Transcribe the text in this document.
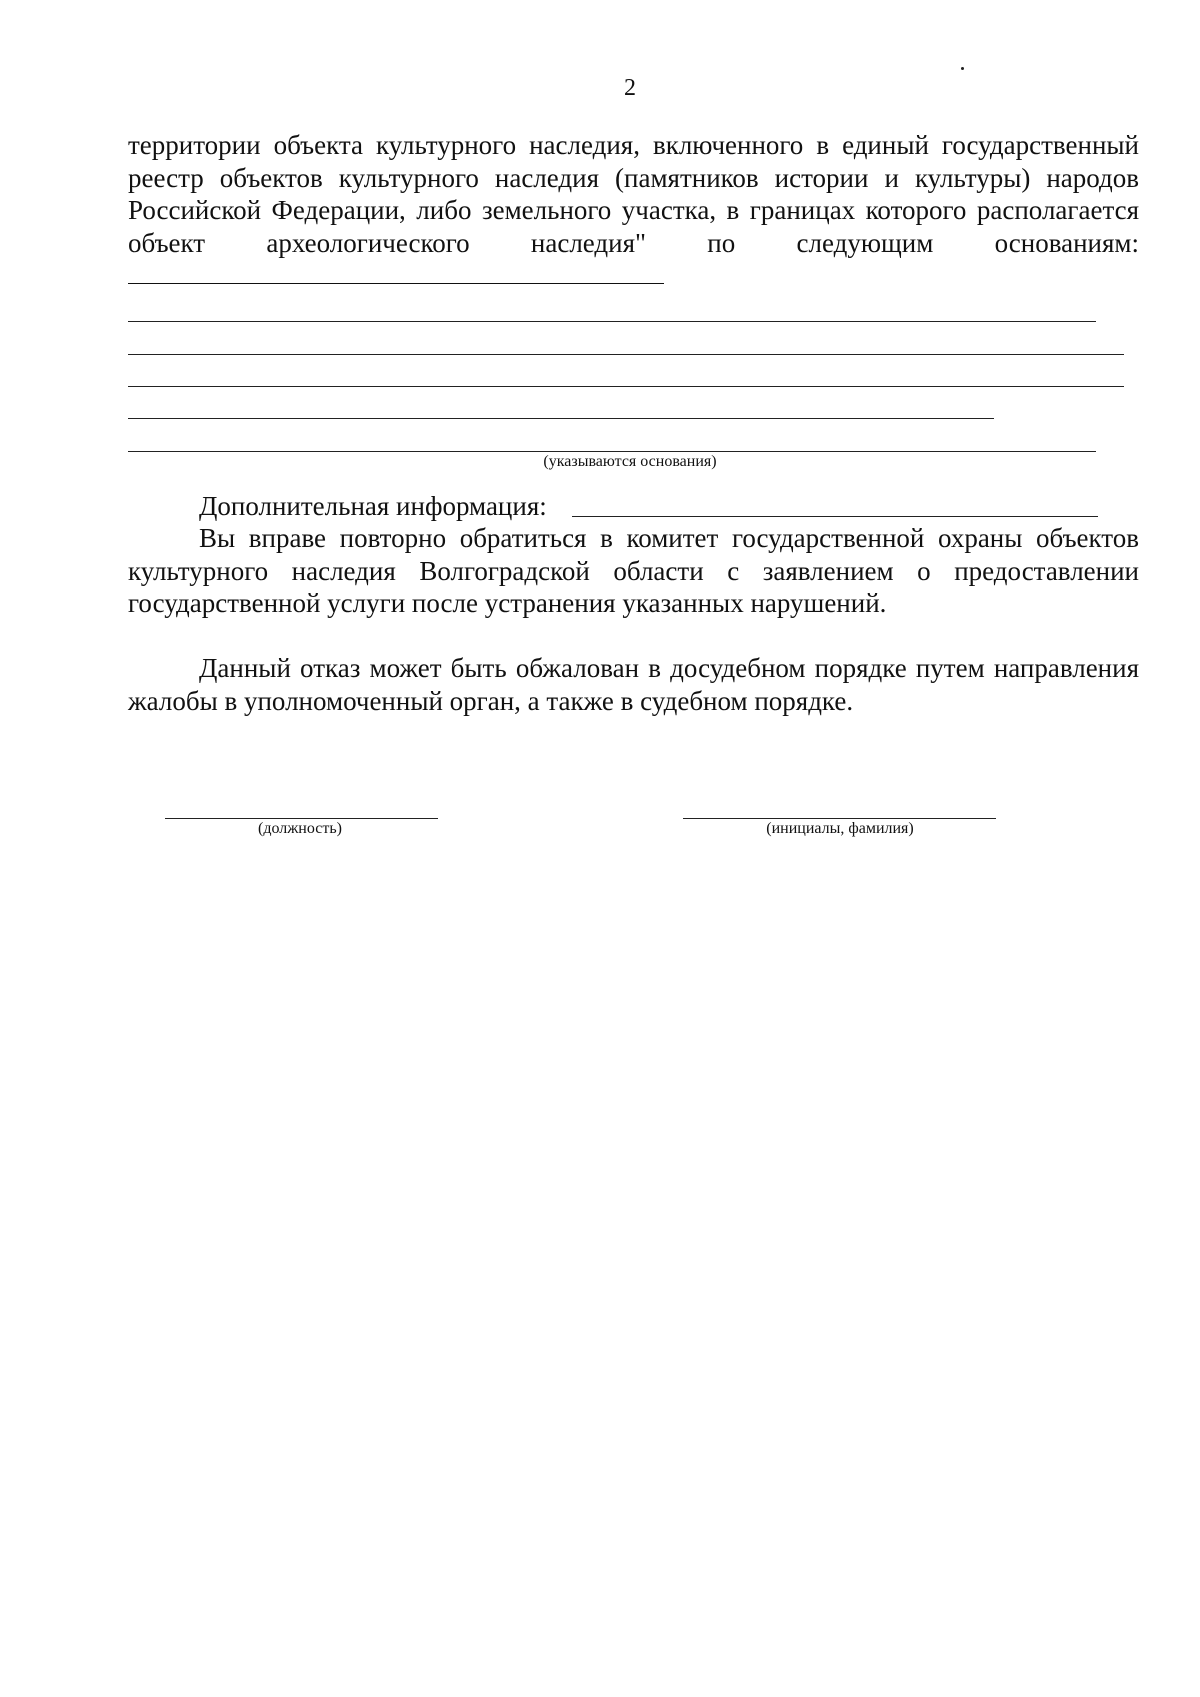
2
территории объекта культурного наследия, включенного в единый государственный реестр объектов культурного наследия (памятников истории и культуры) народов Российской Федерации, либо земельного участка, в границах которого располагается объект археологического наследия" по следующим основаниям:
(указываются основания)
Дополнительная информация:
Вы вправе повторно обратиться в комитет государственной охраны объектов культурного наследия Волгоградской области с заявлением о предоставлении государственной услуги после устранения указанных нарушений.
Данный отказ может быть обжалован в досудебном порядке путем направления жалобы в уполномоченный орган, а также в судебном порядке.
(должность)	(инициалы, фамилия)
